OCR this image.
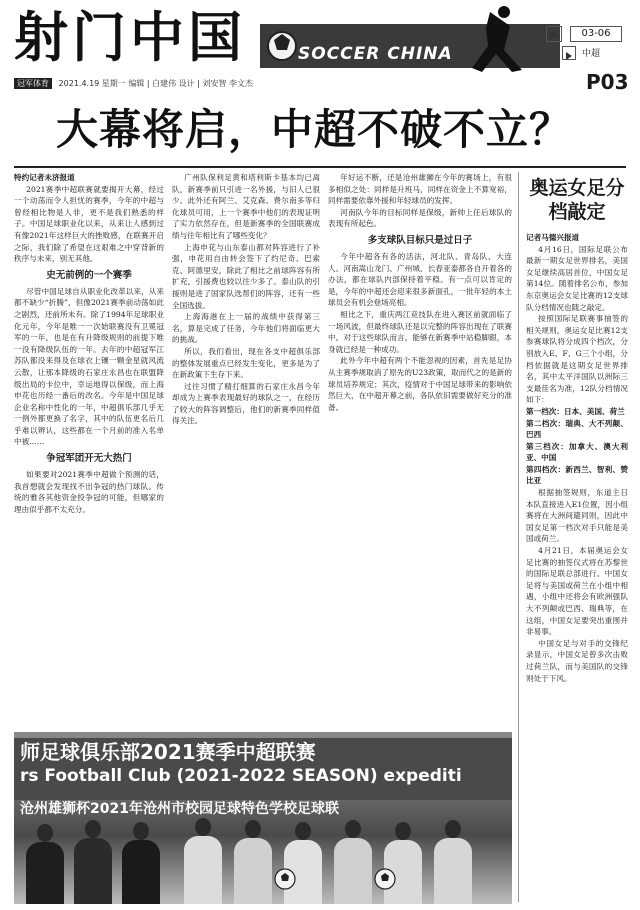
射门中国	SOCCER CHINA
冠军体育 2021.4.19 星期一 编辑 | 白建伟 设计 | 刘安智 李文杰
03-06
中超
P03
大幕将启，中超不破不立？

特约记者未济报道

2021赛季中超联赛就要揭开大幕，经过一个动荡而令人担忧的赛季，今年的中超与曾经相比物是人非，更不是我们熟悉的样子。中国足球职业化以来，从来让人感到过有像2021年这样巨大的挫败感，在联赛开启之际，我们除了希望在这艰难之中穿背新的秩序与未来，别无其他。

史无前例的一个赛季

尽管中国足球自从职业化改革以来，从来都不缺少“折腾”，但像2021赛季前动荡如此之剧烈，还前所未有。除了1994年足球职业化元年，今年是唯一一次始联赛没有卫冕冠军的一年，也是在有升降级规则的前提下唯一没有降级队伍的一年。去年的中超冠军江苏队都没来得及在球衣上镶一颗金星就风流云散，让那本降级的石家庄永昌也在联盟降级出局的卡位中，幸运地得以保级，而上海申花也历经一番后的改名。今年是中国足球企业名称中性化的一年，中超俱乐部几乎无一例外都更换了名字，其中的队伍更名后几乎难以辨认，这些都在一个月前的准入名单中被……

争冠军团开无大热门

如果要对2021赛季中超做个预测的话，我首想就会发现找不出争冠的热门球队。传统的雅各其他资金投争冠的可能，但哪家的理由似乎都不太充分。

广州队保利足黄和塔利斯卡基本均已离队，新赛季前只引进一名外援，与旧人已很少。此外还有阿兰、艾克森、费尔南多等归化球员可用，上一个赛季中他们的表现证明了实力依然存在，但是新赛季的全国联赛成绩与往年相比有了哪些变化？

上海申花与山东泰山都对阵容进行了补强，申花用自由转会签下了约尼奇、巴索克、阿德里安，除此了相比之前球阵容有所扩充，引援费也较以往少多了。泰山队的引援则是进了国家队选帮们的阵容，还有一些全国选拔。

上海海港在上一届的战绩中获得第三名，算是完成了任务，今年他们将面临更大的挑战。

所以，我们看出，现在各支中超俱乐部的整体发展重点已经发生变化，更多是为了在新政策下生存下来。

过往习惯了精打细算的石家庄永昌今年却成为上赛季表现最好的球队之一，在经历了较大的阵容调整后，他们的新赛季同样值得关注。

年好运不断，还是沧州雄狮在今年的赛场上，有很多相似之处：同样是升班马，同样在资金上不算宽裕，同样需要依靠外援和年轻球员的发挥。

河南队今年的目标同样是保级，新帅上任后球队的表现有所起色。

多支球队目标只是过日子

今年中超各有各的活法，河北队、青岛队、大连人、河南嵩山龙门、广州城、长春亚泰都各自开着各的办法，都在球队内部保持着平稳。有一点可以肯定的是，今年的中超还会迎来很多新面孔，一批年轻的本土球员会有机会登场亮相。

相比之下，重庆两江竞技队在进入赛区前就面临了一场风波，但最终球队还是以完整的阵容出现在了联赛中。对于这些球队而言，能够在新赛季中站稳脚跟，本身就已经是一种成功。

此外今年中超有两个不能忽视的因素，首先是足协从主赛季规取消了原先的U23政策，取而代之的是新的球员培养规定；其次，疫情对于中国足球带来的影响依然巨大，在中超开幕之前，各队依旧需要做好充分的准备。

奥运女足分档敲定

记者马德兴报道

4月16日，国际足联公布最新一期女足世界排名，美国女足继续高居首位，中国女足第14位。随着排名公布，参加东京奥运会女足比赛的12支球队分档情况也随之敲定。

按照国际足联赛事抽签的相关规则，奥运女足比赛12支参赛球队将分成四个档次，分别放入E、F、G三个小组，分档依据就是这期女足世界排名，其中太平洋国队以洲际三支最佳名为准，12队分档情况如下：

第一档次：日本、美国、荷兰

第二档次：瑞典、大不列颠、巴西

第三档次：加拿大、澳大利亚、中国

第四档次：新西兰、智利、赞比亚

根据抽签规则，东道主日本队直接进入E1位置，因小组赛将在大洲间避同则，因此中国女足第一档次对手只能是美国或荷兰。

4月21日，本届奥运会女足比赛的抽签仪式将在苏黎世的国际足联总部进行。中国女足将与美国或荷兰在小组中相遇，小组中还将会有欧洲强队大不列颠或巴西、瑞典等，在这组，中国女足要突出重围并非易事。

中国女足与对手的交锋纪录显示，中国女足曾多次击败过荷兰队，而与美国队的交锋则处于下风。

师足球俱乐部2021赛季中超联赛
rs Football Club (2021-2022 SEASON) expediti
沧州雄狮杯2021年沧州市校园足球特色学校足球联
